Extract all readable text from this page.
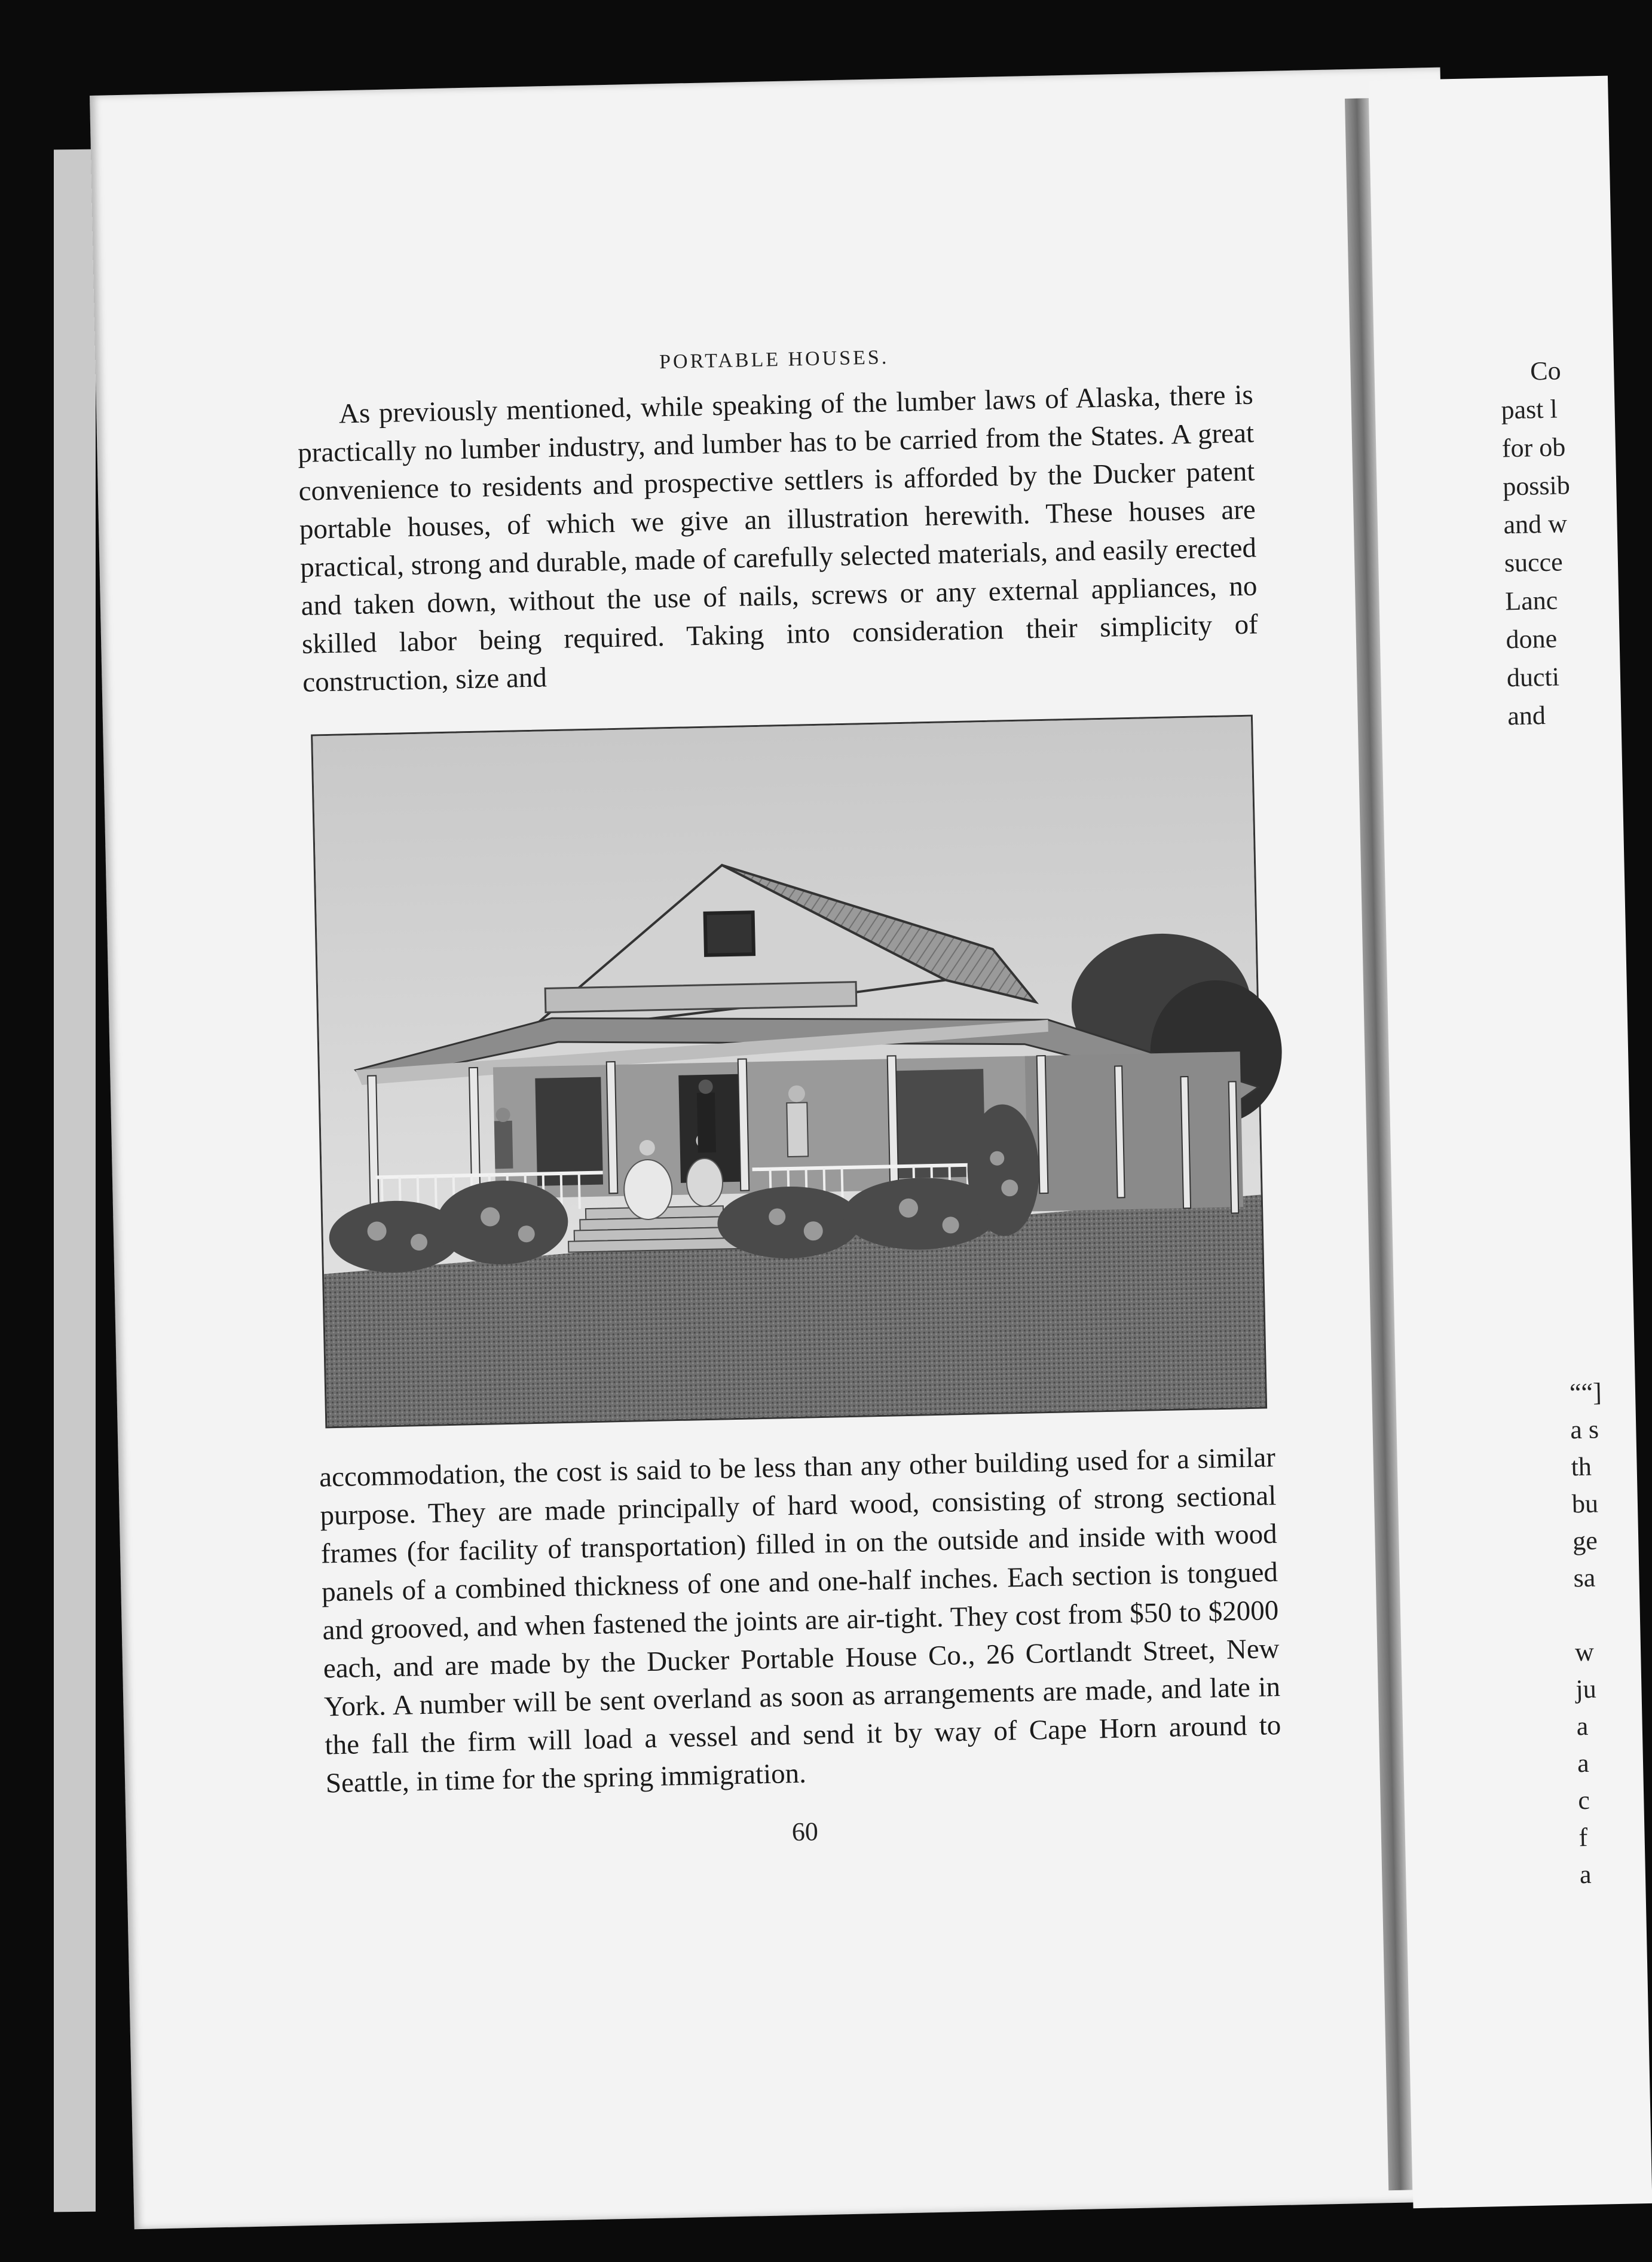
Co
past l
for ob
possib
and w
succe
Lanc
done
ducti
and
““]
a s
th
bu
ge
sa
w
ju
a
a
c
f
a
PORTABLE HOUSES.

As previously mentioned, while speaking of the lumber laws of Alaska, there is practically no lumber industry, and lumber has to be carried from the States. A great convenience to residents and prospective settlers is afforded by the Ducker patent portable houses, of which we give an illustration herewith. These houses are practical, strong and durable, made of carefully selected materials, and easily erected and taken down, without the use of nails, screws or any external appliances, no skilled labor being required. Taking into consideration their simplicity of construction, size and

accommodation, the cost is said to be less than any other building used for a similar purpose. They are made principally of hard wood, consisting of strong sectional frames (for facility of transportation) filled in on the outside and inside with wood panels of a combined thickness of one and one-half inches. Each section is tongued and grooved, and when fastened the joints are air-tight. They cost from $50 to $2000 each, and are made by the Ducker Portable House Co., 26 Cortlandt Street, New York. A number will be sent overland as soon as arrangements are made, and late in the fall the firm will load a vessel and send it by way of Cape Horn around to Seattle, in time for the spring immigration.

60
